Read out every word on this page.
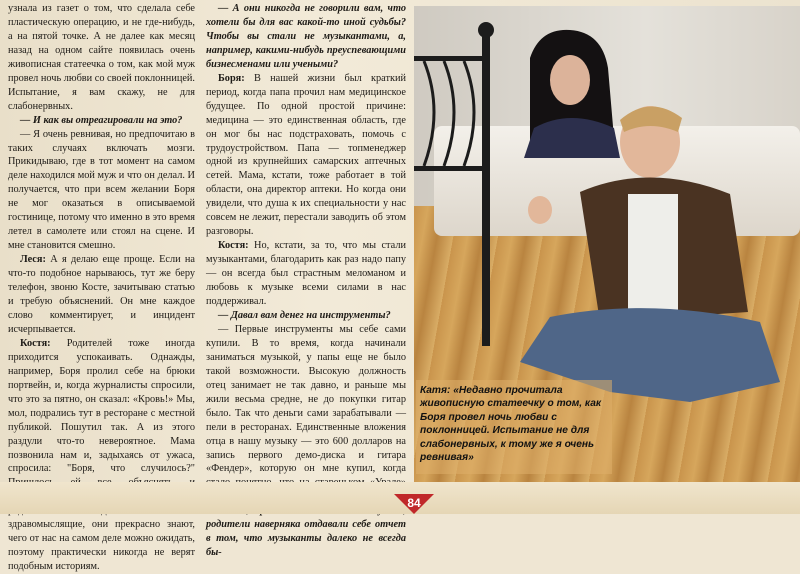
узнала из газет о том, что сделала себе пластическую операцию, и не где-нибудь, а на пятой точке. А не далее как месяц назад на одном сайте появилась очень живописная статеечка о том, как мой муж провел ночь любви со своей поклонницей. Испытание, я вам скажу, не для слабонервных.

— И как вы отреагировали на это?

— Я очень ревнивая, но предпочитаю в таких случаях включать мозги. Прикидываю, где в тот момент на самом деле находился мой муж и что он делал. И получается, что при всем желании Боря не мог оказаться в описываемой гостинице, потому что именно в это время летел в самолете или стоял на сцене. И мне становится смешно.

Леся: А я делаю еще проще. Если на что-то подобное нарываюсь, тут же беру телефон, звоню Косте, зачитываю статью и требую объяснений. Он мне каждое слово комментирует, и инцидент исчерпывается.

Костя: Родителей тоже иногда приходится успокаивать. Однажды, например, Боря пролил себе на брюки портвейн, и, когда журналисты спросили, что это за пятно, он сказал: «Кровь!» Мы, мол, подрались тут в ресторане с местной публикой. Пошутил так. А из этого раздули что-то невероятное. Мама позвонила нам и, задыхаясь от ужаса, спросила: "Боря, что случилось?" здравомыслящие, они прекрасно знают, чего от нас на самом деле можно ожидать, поэтому практически никогда не верят подобным историям.

— А они никогда не говорили вам, что хотели бы для вас какой-то иной судьбы? Чтобы вы стали не музыкантами, а, например, какими-нибудь преуспевающими бизнесменами или учеными?

Боря: В нашей жизни был краткий период, когда папа прочил нам медицинское будущее. По одной простой причине: медицина — это единственная область, где он мог бы нас подстраховать, помочь с трудоустройством. Папа — топменеджер одной из крупнейших самарских аптечных сетей. Мама, кстати, тоже работает в той области, она директор аптеки. Но когда они увидели, что душа к их специальности у нас совсем не лежит, перестали заводить об этом разговоры.

Костя: Но, кстати, за то, что мы стали музыкантами, благодарить как раз надо папу — он всегда был страстным меломаном и любовь к музыке всеми силами в нас поддерживал.

— Давал вам денег на инструменты?

— Первые инструменты мы себе сами купили. В то время, когда начинали заниматься музыкой, у папы еще не было такой возможности. Высокую должность отец занимает не так давно, и раньше мы жили весьма средне, не до покупки гитар было. Так что деньги сами зарабатывали — пели в ресторанах. Единственные вложения отца в нашу музыку — это 600 долларов на запись первого демо-диска и гитара «Фендер», которую он мне купил, когда

родители наверняка отдавали себе отчет в том, что музыканты далеко не всегда бы-

Катя: «Недавно прочитала живописную статеечку о том, как Боря провел ночь любви с поклонницей. Испытание не для слабонервных, к тому же я очень ревнивая»
84
